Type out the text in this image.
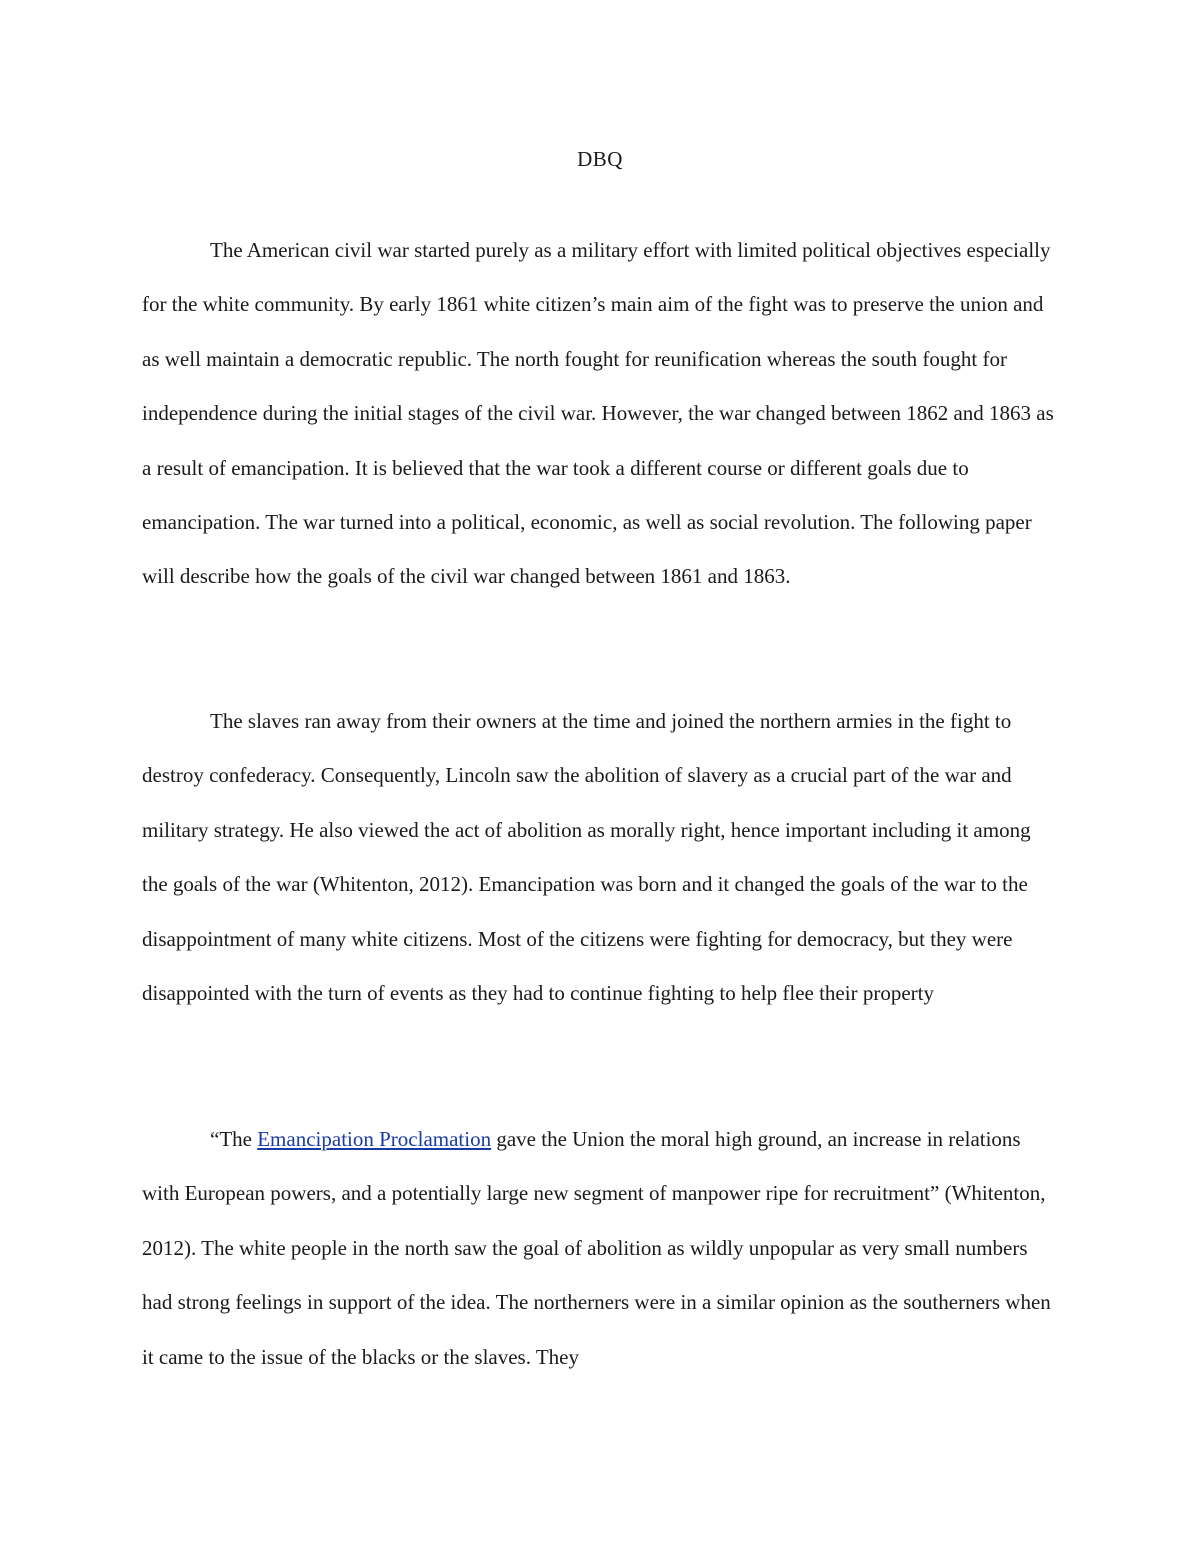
DBQ

The American civil war started purely as a military effort with limited political objectives especially for the white community. By early 1861 white citizen’s main aim of the fight was to preserve the union and as well maintain a democratic republic. The north fought for reunification whereas the south fought for independence during the initial stages of the civil war. However, the war changed between 1862 and 1863 as a result of emancipation. It is believed that the war took a different course or different goals due to emancipation. The war turned into a political, economic, as well as social revolution. The following paper will describe how the goals of the civil war changed between 1861 and 1863.

The slaves ran away from their owners at the time and joined the northern armies in the fight to destroy confederacy. Consequently, Lincoln saw the abolition of slavery as a crucial part of the war and military strategy. He also viewed the act of abolition as morally right, hence important including it among the goals of the war (Whitenton, 2012). Emancipation was born and it changed the goals of the war to the disappointment of many white citizens. Most of the citizens were fighting for democracy, but they were disappointed with the turn of events as they had to continue fighting to help flee their property

“The Emancipation Proclamation gave the Union the moral high ground, an increase in relations with European powers, and a potentially large new segment of manpower ripe for recruitment” (Whitenton, 2012). The white people in the north saw the goal of abolition as wildly unpopular as very small numbers had strong feelings in support of the idea. The northerners were in a similar opinion as the southerners when it came to the issue of the blacks or the slaves. They
